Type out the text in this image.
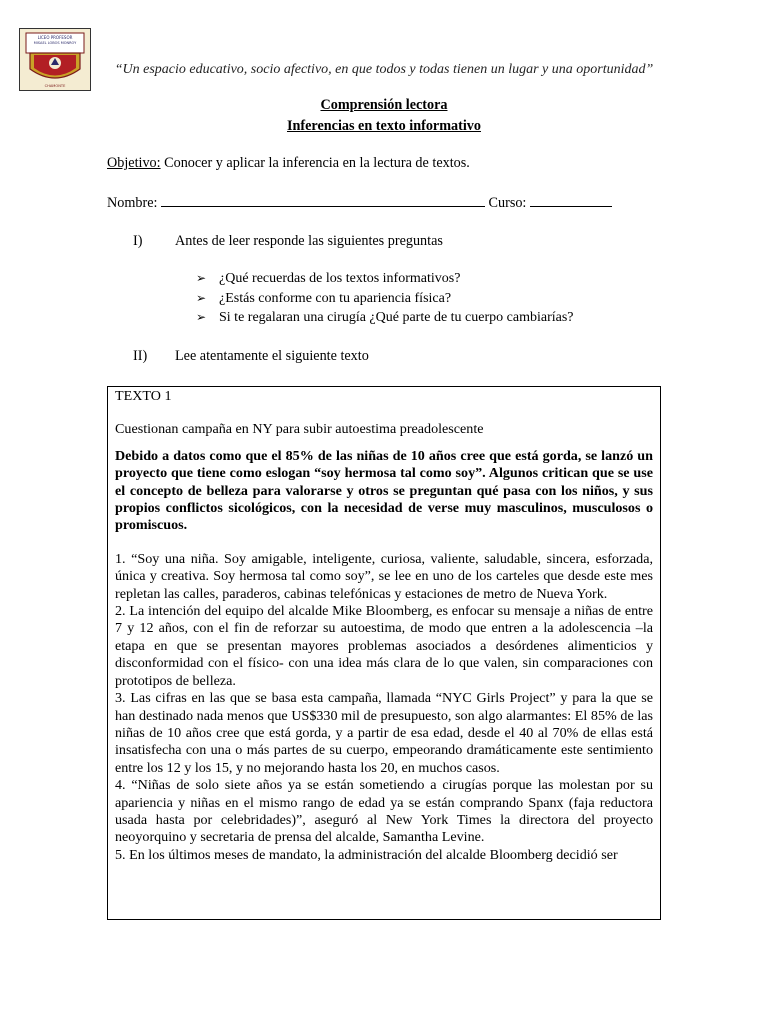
LICEO PROFESOR
MISAEL LOBOS MONROY
CHAMONTE
“Un espacio educativo, socio afectivo, en que todos y todas tienen un lugar y una oportunidad”
Comprensión lectora
Inferencias en texto informativo
Objetivo: Conocer y aplicar la inferencia en la lectura de textos.
Nombre:	Curso:
I) Antes de leer responde las siguientes preguntas
➢ ¿Qué recuerdas de los textos informativos?
➢ ¿Estás conforme con tu apariencia física?
➢ Si te regalaran una cirugía ¿Qué parte de tu cuerpo cambiarías?
II) Lee atentamente el siguiente texto

TEXTO 1

Cuestionan campaña en NY para subir autoestima preadolescente

Debido a datos como que el 85% de las niñas de 10 años cree que está gorda, se lanzó un proyecto que tiene como eslogan “soy hermosa tal como soy”. Algunos critican que se use el concepto de belleza para valorarse y otros se preguntan qué pasa con los niños, y sus propios conflictos sicológicos, con la necesidad de verse muy masculinos, musculosos o promiscuos.

1. “Soy una niña. Soy amigable, inteligente, curiosa, valiente, saludable, sincera, esforzada, única y creativa. Soy hermosa tal como soy”, se lee en uno de los carteles que desde este mes repletan las calles, paraderos, cabinas telefónicas y estaciones de metro de Nueva York.

2. La intención del equipo del alcalde Mike Bloomberg, es enfocar su mensaje a niñas de entre 7 y 12 años, con el fin de reforzar su autoestima, de modo que entren a la adolescencia –la etapa en que se presentan mayores problemas asociados a desórdenes alimenticios y disconformidad con el físico- con una idea más clara de lo que valen, sin comparaciones con prototipos de belleza.

3. Las cifras en las que se basa esta campaña, llamada “NYC Girls Project” y para la que se han destinado nada menos que US$330 mil de presupuesto, son algo alarmantes: El 85% de las niñas de 10 años cree que está gorda, y a partir de esa edad, desde el 40 al 70% de ellas está insatisfecha con una o más partes de su cuerpo, empeorando dramáticamente este sentimiento entre los 12 y los 15, y no mejorando hasta los 20, en muchos casos.

4. “Niñas de solo siete años ya se están sometiendo a cirugías porque las molestan por su apariencia y niñas en el mismo rango de edad ya se están comprando Spanx (faja reductora usada hasta por celebridades)”, aseguró al New York Times la directora del proyecto neoyorquino y secretaria de prensa del alcalde, Samantha Levine.

5. En los últimos meses de mandato, la administración del alcalde Bloomberg decidió ser
